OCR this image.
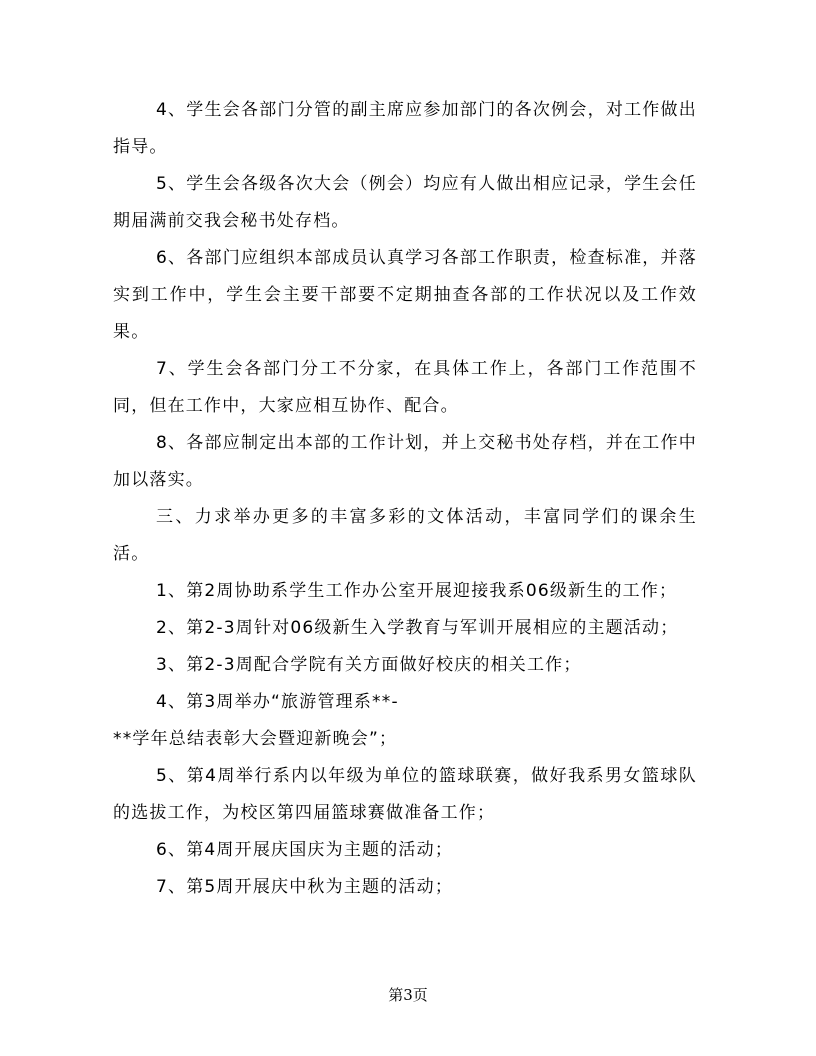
4、学生会各部门分管的副主席应参加部门的各次例会，对工作做出指导。

5、学生会各级各次大会（例会）均应有人做出相应记录，学生会任期届满前交我会秘书处存档。

6、各部门应组织本部成员认真学习各部工作职责，检查标准，并落实到工作中，学生会主要干部要不定期抽查各部的工作状况以及工作效果。

7、学生会各部门分工不分家，在具体工作上，各部门工作范围不同，但在工作中，大家应相互协作、配合。

8、各部应制定出本部的工作计划，并上交秘书处存档，并在工作中加以落实。

三、力求举办更多的丰富多彩的文体活动，丰富同学们的课余生活。

1、第2周协助系学生工作办公室开展迎接我系06级新生的工作；

2、第2-3周针对06级新生入学教育与军训开展相应的主题活动；

3、第2-3周配合学院有关方面做好校庆的相关工作；

4、第3周举办“旅游管理系**-

**学年总结表彰大会暨迎新晚会”；

5、第4周举行系内以年级为单位的篮球联赛，做好我系男女篮球队的选拔工作，为校区第四届篮球赛做准备工作；

6、第4周开展庆国庆为主题的活动；

7、第5周开展庆中秋为主题的活动；

第3页
